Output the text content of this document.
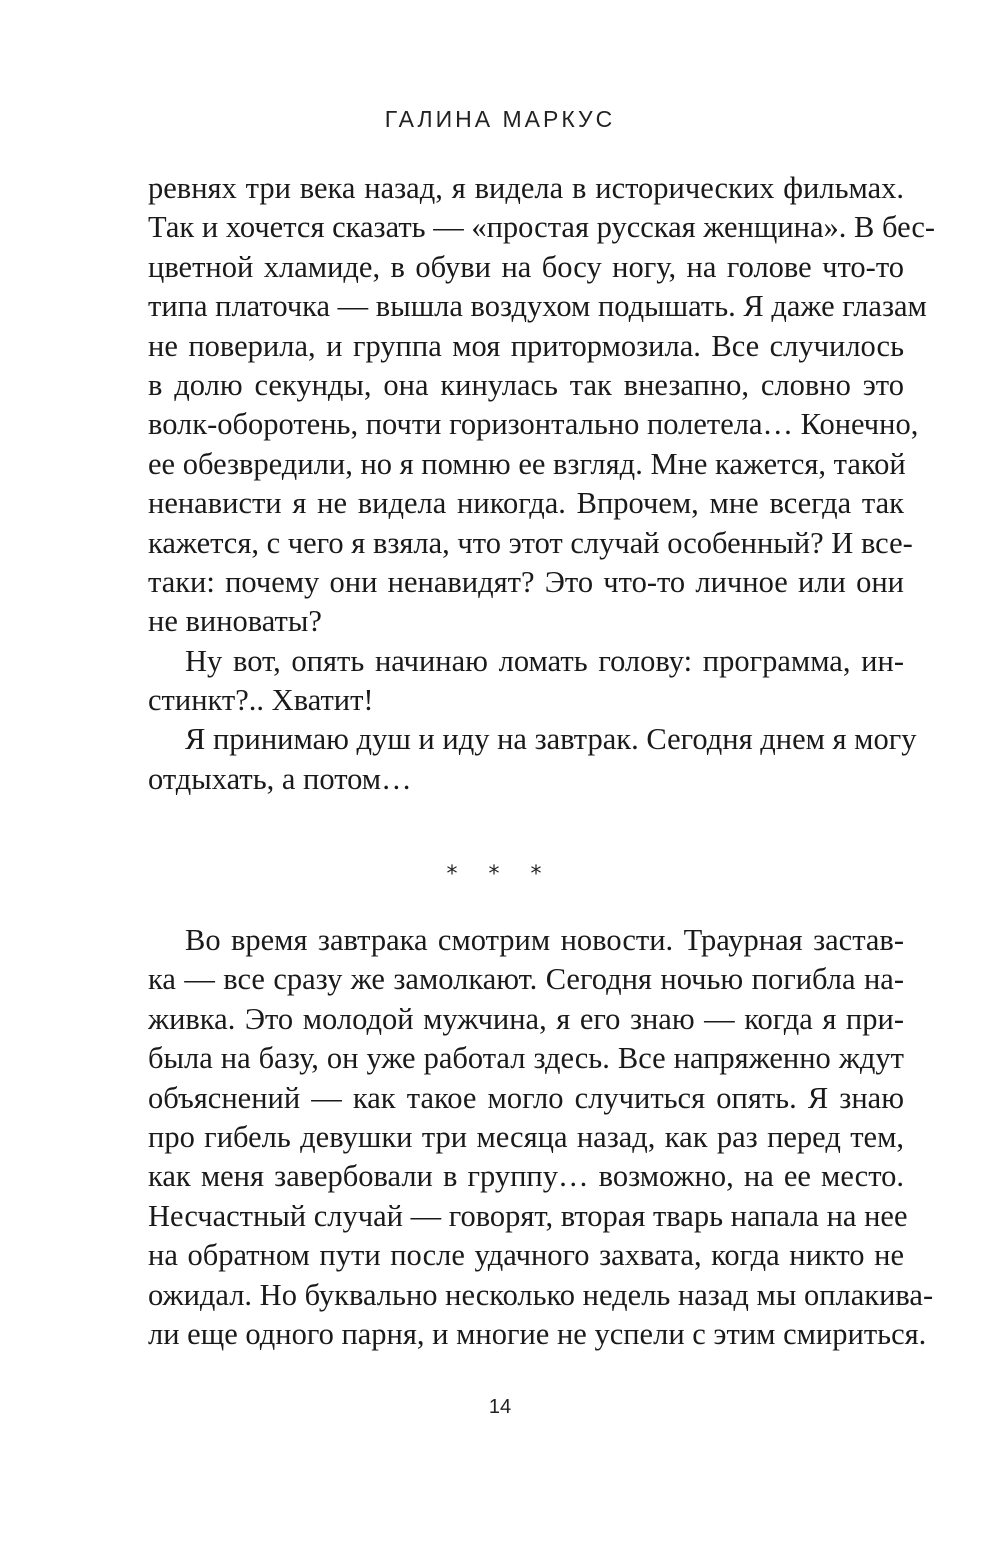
ГАЛИНА МАРКУС
ревнях три века назад, я видела в исторических фильмах.
Так и хочется сказать — «простая русская женщина». В бес-
цветной хламиде, в обуви на босу ногу, на голове что-то
типа платочка — вышла воздухом подышать. Я даже глазам
не поверила, и группа моя притормозила. Все случилось
в долю секунды, она кинулась так внезапно, словно это
волк-оборотень, почти горизонтально полетела… Конечно,
ее обезвредили, но я помню ее взгляд. Мне кажется, такой
ненависти я не видела никогда. Впрочем, мне всегда так
кажется, с чего я взяла, что этот случай особенный? И все-
таки: почему они ненавидят? Это что-то личное или они
не виноваты?
Ну вот, опять начинаю ломать голову: программа, ин-
стинкт?.. Хватит!
Я принимаю душ и иду на завтрак. Сегодня днем я могу
отдыхать, а потом…
* * *
Во время завтрака смотрим новости. Траурная застав-
ка — все сразу же замолкают. Сегодня ночью погибла на-
живка. Это молодой мужчина, я его знаю — когда я при-
была на базу, он уже работал здесь. Все напряженно ждут
объяснений — как такое могло случиться опять. Я знаю
про гибель девушки три месяца назад, как раз перед тем,
как меня завербовали в группу… возможно, на ее место.
Несчастный случай — говорят, вторая тварь напала на нее
на обратном пути после удачного захвата, когда никто не
ожидал. Но буквально несколько недель назад мы оплакива-
ли еще одного парня, и многие не успели с этим смириться.
14
